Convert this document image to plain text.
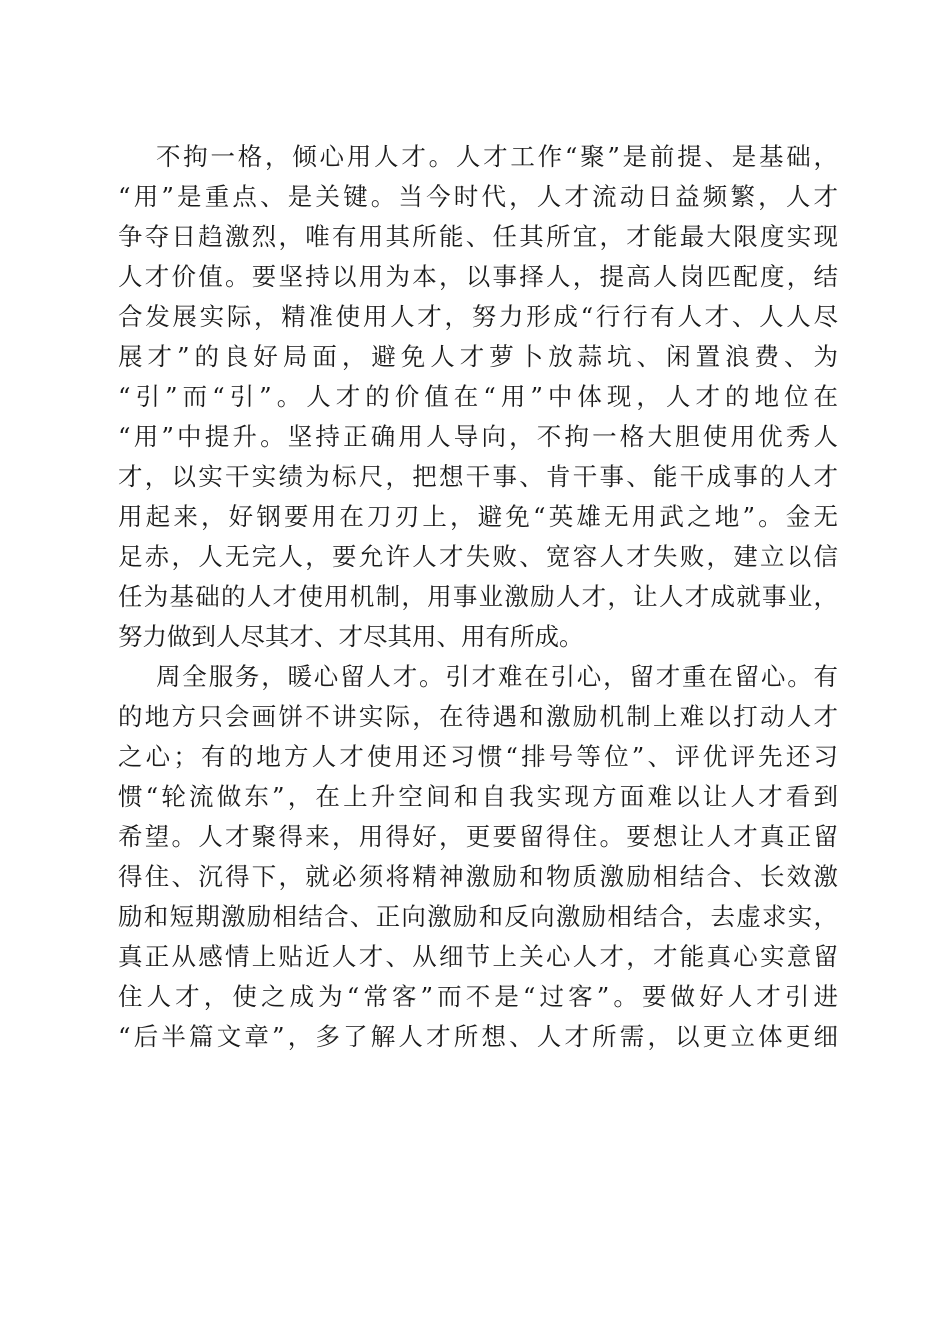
不拘一格，倾心用人才。人才工作“聚”是前提、是基础，
“用”是重点、是关键。当今时代，人才流动日益频繁，人才
争夺日趋激烈，唯有用其所能、任其所宜，才能最大限度实现
人才价值。要坚持以用为本，以事择人，提高人岗匹配度，结
合发展实际，精准使用人才，努力形成“行行有人才、人人尽
展才”的良好局面，避免人才萝卜放蒜坑、闲置浪费、为
“引”而“引”。人才的价值在“用”中体现，人才的地位在
“用”中提升。坚持正确用人导向，不拘一格大胆使用优秀人
才，以实干实绩为标尺，把想干事、肯干事、能干成事的人才
用起来，好钢要用在刀刃上，避免“英雄无用武之地”。金无
足赤，人无完人，要允许人才失败、宽容人才失败，建立以信
任为基础的人才使用机制，用事业激励人才，让人才成就事业，
努力做到人尽其才、才尽其用、用有所成。
周全服务，暖心留人才。引才难在引心，留才重在留心。有
的地方只会画饼不讲实际，在待遇和激励机制上难以打动人才
之心；有的地方人才使用还习惯“排号等位”、评优评先还习
惯“轮流做东”，在上升空间和自我实现方面难以让人才看到
希望。人才聚得来，用得好，更要留得住。要想让人才真正留
得住、沉得下，就必须将精神激励和物质激励相结合、长效激
励和短期激励相结合、正向激励和反向激励相结合，去虚求实，
真正从感情上贴近人才、从细节上关心人才，才能真心实意留
住人才，使之成为“常客”而不是“过客”。要做好人才引进
“后半篇文章”，多了解人才所想、人才所需，以更立体更细
